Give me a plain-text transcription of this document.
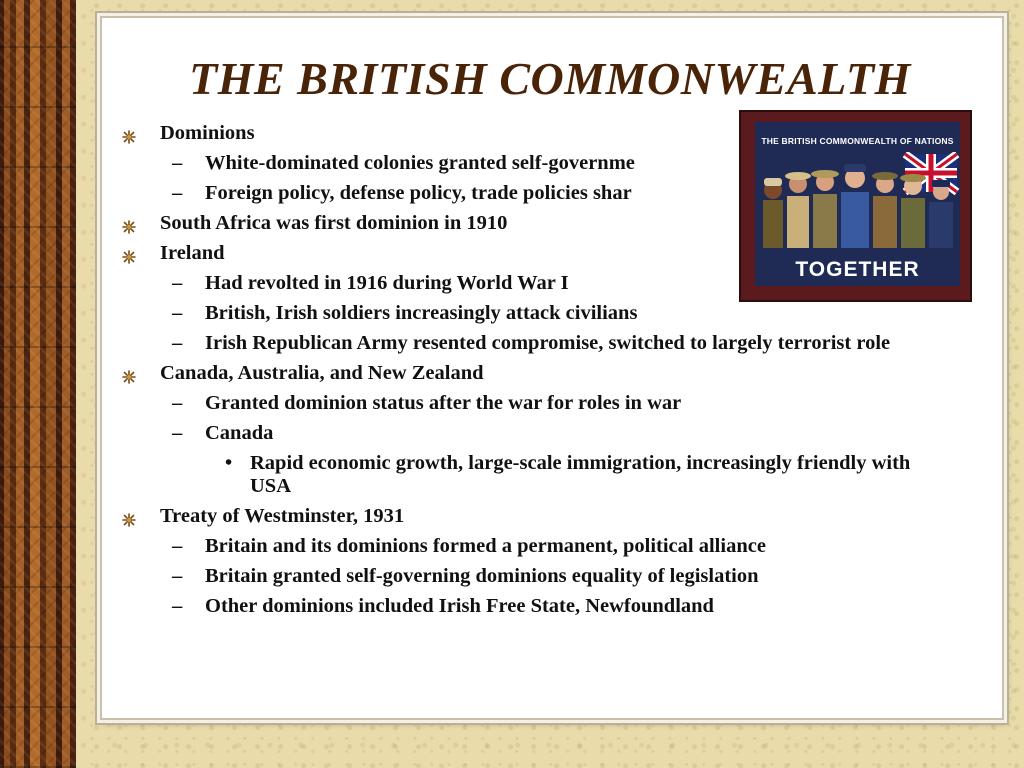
THE BRITISH COMMONWEALTH
THE BRITISH COMMONWEALTH OF NATIONS
TOGETHER
Dominions
– White-dominated colonies granted self-governme
– Foreign policy, defense policy, trade policies shar
South Africa was first dominion in 1910
Ireland
– Had revolted in 1916 during World War I
– British, Irish soldiers increasingly attack civilians
– Irish Republican Army resented compromise, switched to largely terrorist role
Canada, Australia, and New Zealand
– Granted dominion status after the war for roles in war
– Canada
• Rapid economic growth, large-scale immigration, increasingly friendly with USA
Treaty of Westminster, 1931
– Britain and its dominions formed a permanent, political alliance
– Britain granted self-governing dominions equality of legislation
– Other dominions included Irish Free State, Newfoundland
